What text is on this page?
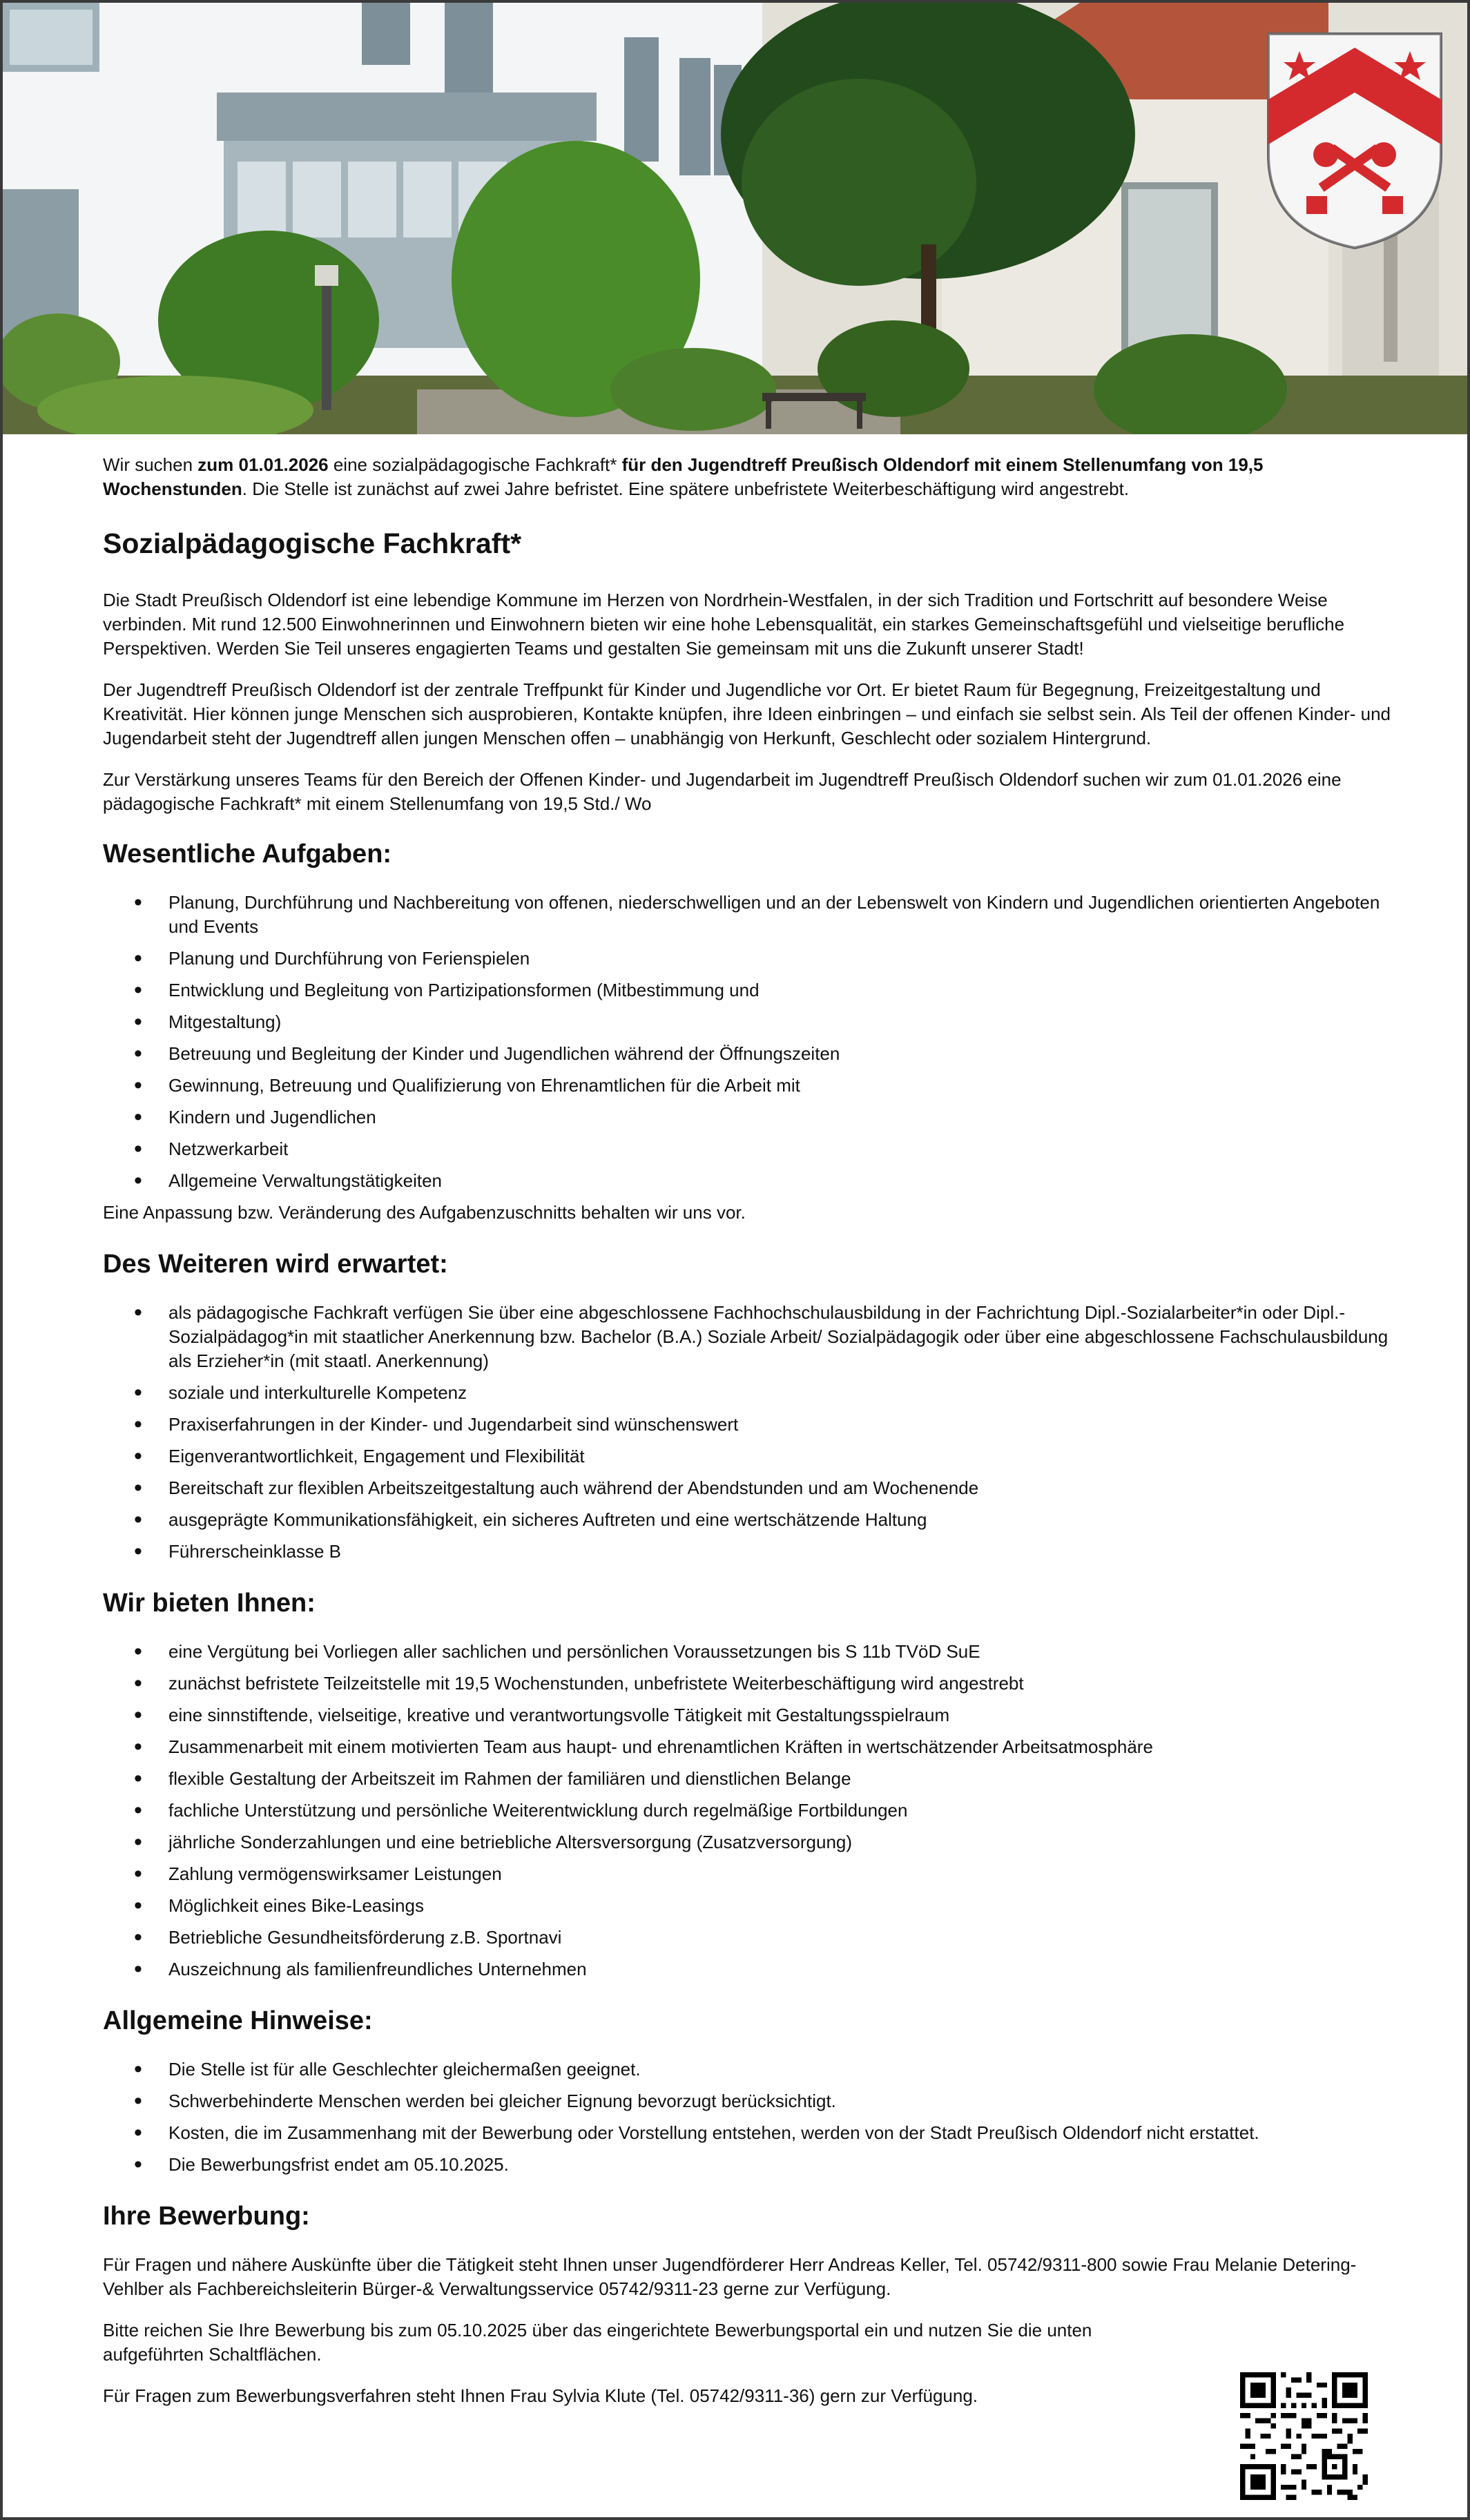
Wir suchen zum 01.01.2026 eine sozialpädagogische Fachkraft* für den Jugendtreff Preußisch Oldendorf mit einem Stellenumfang von 19,5 Wochenstunden. Die Stelle ist zunächst auf zwei Jahre befristet. Eine spätere unbefristete Weiterbeschäftigung wird angestrebt.

Sozialpädagogische Fachkraft*

Die Stadt Preußisch Oldendorf ist eine lebendige Kommune im Herzen von Nordrhein-Westfalen, in der sich Tradition und Fortschritt auf besondere Weise verbinden. Mit rund 12.500 Einwohnerinnen und Einwohnern bieten wir eine hohe Lebensqualität, ein starkes Gemeinschaftsgefühl und vielseitige berufliche Perspektiven. Werden Sie Teil unseres engagierten Teams und gestalten Sie gemeinsam mit uns die Zukunft unserer Stadt!

Der Jugendtreff Preußisch Oldendorf ist der zentrale Treffpunkt für Kinder und Jugendliche vor Ort. Er bietet Raum für Begegnung, Freizeitgestaltung und Kreativität. Hier können junge Menschen sich ausprobieren, Kontakte knüpfen, ihre Ideen einbringen – und einfach sie selbst sein. Als Teil der offenen Kinder- und Jugendarbeit steht der Jugendtreff allen jungen Menschen offen – unabhängig von Herkunft, Geschlecht oder sozialem Hintergrund.

Zur Verstärkung unseres Teams für den Bereich der Offenen Kinder- und Jugendarbeit im Jugendtreff Preußisch Oldendorf suchen wir zum 01.01.2026 eine pädagogische Fachkraft* mit einem Stellenumfang von 19,5 Std./ Wo

Wesentliche Aufgaben:
• Planung, Durchführung und Nachbereitung von offenen, niederschwelligen und an der Lebenswelt von Kindern und Jugendlichen orientierten Angeboten und Events
• Planung und Durchführung von Ferienspielen
• Entwicklung und Begleitung von Partizipationsformen (Mitbestimmung und
• Mitgestaltung)
• Betreuung und Begleitung der Kinder und Jugendlichen während der Öffnungszeiten
• Gewinnung, Betreuung und Qualifizierung von Ehrenamtlichen für die Arbeit mit
• Kindern und Jugendlichen
• Netzwerkarbeit
• Allgemeine Verwaltungstätigkeiten

Eine Anpassung bzw. Veränderung des Aufgabenzuschnitts behalten wir uns vor.

Des Weiteren wird erwartet:
• als pädagogische Fachkraft verfügen Sie über eine abgeschlossene Fachhochschulausbildung in der Fachrichtung Dipl.-Sozialarbeiter*in oder Dipl.-Sozialpädagog*in mit staatlicher Anerkennung bzw. Bachelor (B.A.) Soziale Arbeit/ Sozialpädagogik oder über eine abgeschlossene Fachschulausbildung als Erzieher*in (mit staatl. Anerkennung)
• soziale und interkulturelle Kompetenz
• Praxiserfahrungen in der Kinder- und Jugendarbeit sind wünschenswert
• Eigenverantwortlichkeit, Engagement und Flexibilität
• Bereitschaft zur flexiblen Arbeitszeitgestaltung auch während der Abendstunden und am Wochenende
• ausgeprägte Kommunikationsfähigkeit, ein sicheres Auftreten und eine wertschätzende Haltung
• Führerscheinklasse B
Wir bieten Ihnen:
• eine Vergütung bei Vorliegen aller sachlichen und persönlichen Voraussetzungen bis S 11b TVöD SuE
• zunächst befristete Teilzeitstelle mit 19,5 Wochenstunden, unbefristete Weiterbeschäftigung wird angestrebt
• eine sinnstiftende, vielseitige, kreative und verantwortungsvolle Tätigkeit mit Gestaltungsspielraum
• Zusammenarbeit mit einem motivierten Team aus haupt- und ehrenamtlichen Kräften in wertschätzender Arbeitsatmosphäre
• flexible Gestaltung der Arbeitszeit im Rahmen der familiären und dienstlichen Belange
• fachliche Unterstützung und persönliche Weiterentwicklung durch regelmäßige Fortbildungen
• jährliche Sonderzahlungen und eine betriebliche Altersversorgung (Zusatzversorgung)
• Zahlung vermögenswirksamer Leistungen
• Möglichkeit eines Bike-Leasings
• Betriebliche Gesundheitsförderung z.B. Sportnavi
• Auszeichnung als familienfreundliches Unternehmen
Allgemeine Hinweise:
• Die Stelle ist für alle Geschlechter gleichermaßen geeignet.
• Schwerbehinderte Menschen werden bei gleicher Eignung bevorzugt berücksichtigt.
• Kosten, die im Zusammenhang mit der Bewerbung oder Vorstellung entstehen, werden von der Stadt Preußisch Oldendorf nicht erstattet.
• Die Bewerbungsfrist endet am 05.10.2025.
Ihre Bewerbung:

Für Fragen und nähere Auskünfte über die Tätigkeit steht Ihnen unser Jugendförderer Herr Andreas Keller, Tel. 05742/9311-800 sowie Frau Melanie Detering- Vehlber als Fachbereichsleiterin Bürger-& Verwaltungsservice 05742/9311-23 gerne zur Verfügung.

Bitte reichen Sie Ihre Bewerbung bis zum 05.10.2025 über das eingerichtete Bewerbungsportal ein und nutzen Sie die unten aufgeführten Schaltflächen.

Für Fragen zum Bewerbungsverfahren steht Ihnen Frau Sylvia Klute (Tel. 05742/9311-36) gern zur Verfügung.
